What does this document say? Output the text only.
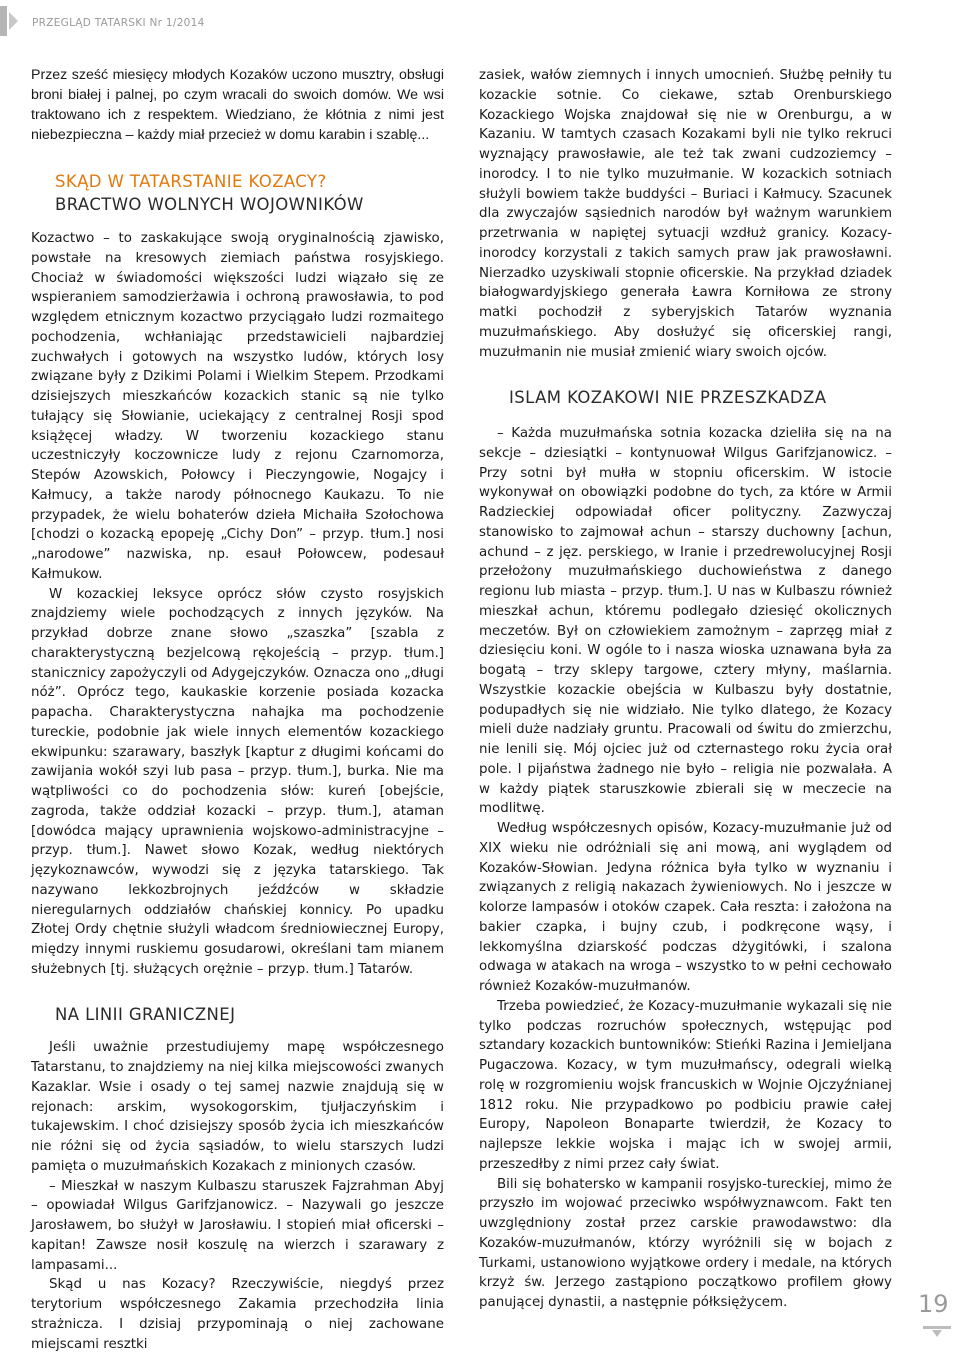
PRZEGLĄD TATARSKI Nr 1/2014

Przez sześć miesięcy młodych Kozaków uczono musztry, obsługi broni białej i palnej, po czym wracali do swoich domów. We wsi traktowano ich z respektem. Wiedziano, że kłótnia z nimi jest niebezpieczna – każdy miał przecież w domu karabin i szablę...

SKĄD W TATARSTANIE KOZACY?
BRACTWO WOLNYCH WOJOWNIKÓW

Kozactwo – to zaskakujące swoją oryginalnością zjawisko, powstałe na kresowych ziemiach państwa rosyjskiego. Chociaż w świadomości większości ludzi wiązało się ze wspieraniem samodzierżawia i ochroną prawosławia, to pod względem etnicznym kozactwo przyciągało ludzi rozmaitego pochodzenia, wchłaniając przedstawicieli najbardziej zuchwałych i gotowych na wszystko ludów, których losy związane były z Dzikimi Polami i Wielkim Stepem. Przodkami dzisiejszych mieszkańców kozackich stanic są nie tylko tułający się Słowianie, uciekający z centralnej Rosji spod książęcej władzy. W tworzeniu kozackiego stanu uczestniczyły koczownicze ludy z rejonu Czarnomorza, Stepów Azowskich, Połowcy i Pieczyngowie, Nogajcy i Kałmucy, a także narody północnego Kaukazu. To nie przypadek, że wielu bohaterów dzieła Michaiła Szołochowa [chodzi o kozacką epopeję „Cichy Don” – przyp. tłum.] nosi „narodowe” nazwiska, np. esauł Połowcew, podesauł Kałmukow.

W kozackiej leksyce oprócz słów czysto rosyjskich znajdziemy wiele pochodzących z innych języków. Na przykład dobrze znane słowo „szaszka” [szabla z charakterystyczną bezjelcową rękojeścią – przyp. tłum.] stanicznicy zapożyczyli od Adygejczyków. Oznacza ono „długi nóż”. Oprócz tego, kaukaskie korzenie posiada kozacka papacha. Charakterystyczna nahajka ma pochodzenie tureckie, podobnie jak wiele innych elementów kozackiego ekwipunku: szarawary, baszłyk [kaptur z długimi końcami do zawijania wokół szyi lub pasa – przyp. tłum.], burka. Nie ma wątpliwości co do pochodzenia słów: kureń [obejście, zagroda, także oddział kozacki – przyp. tłum.], ataman [dowódca mający uprawnienia wojskowo-administracyjne – przyp. tłum.]. Nawet słowo Kozak, według niektórych językoznawców, wywodzi się z języka tatarskiego. Tak nazywano lekkozbrojnych jeźdźców w składzie nieregularnych oddziałów chańskiej konnicy. Po upadku Złotej Ordy chętnie służyli władcom średniowiecznej Europy, między innymi ruskiemu gosudarowi, określani tam mianem służebnych [tj. służących orężnie – przyp. tłum.] Tatarów.

NA LINII GRANICZNEJ

Jeśli uważnie przestudiujemy mapę współczesnego Tatarstanu, to znajdziemy na niej kilka miejscowości zwanych Kazaklar. Wsie i osady o tej samej nazwie znajdują się w rejonach: arskim, wysokogorskim, tjułjaczyńskim i tukajewskim. I choć dzisiejszy sposób życia ich mieszkańców nie różni się od życia sąsiadów, to wielu starszych ludzi pamięta o muzułmańskich Kozakach z minionych czasów.

– Mieszkał w naszym Kulbaszu staruszek Fajzrahman Abyj – opowiadał Wilgus Garifzjanowicz. – Nazywali go jeszcze Jarosławem, bo służył w Jarosławiu. I stopień miał oficerski – kapitan! Zawsze nosił koszulę na wierzch i szarawary z lampasami...

Skąd u nas Kozacy? Rzeczywiście, niegdyś przez terytorium współczesnego Zakamia przechodziła linia strażnicza. I dzisiaj przypominają o niej zachowane miejscami resztki

zasiek, wałów ziemnych i innych umocnień. Służbę pełniły tu kozackie sotnie. Co ciekawe, sztab Orenburskiego Kozackiego Wojska znajdował się nie w Orenburgu, a w Kazaniu. W tamtych czasach Kozakami byli nie tylko rekruci wyznający prawosławie, ale też tak zwani cudzoziemcy – inorodcy. I to nie tylko muzułmanie. W kozackich sotniach służyli bowiem także buddyści – Buriaci i Kałmucy. Szacunek dla zwyczajów sąsiednich narodów był ważnym warunkiem przetrwania w napiętej sytuacji wzdłuż granicy. Kozacy-inorodcy korzystali z takich samych praw jak prawosławni. Nierzadko uzyskiwali stopnie oficerskie. Na przykład dziadek białogwardyjskiego generała Ławra Korniłowa ze strony matki pochodził z syberyjskich Tatarów wyznania muzułmańskiego. Aby dosłużyć się oficerskiej rangi, muzułmanin nie musiał zmienić wiary swoich ojców.

ISLAM KOZAKOWI NIE PRZESZKADZA

– Każda muzułmańska sotnia kozacka dzieliła się na na sekcje – dziesiątki – kontynuował Wilgus Garifzjanowicz. – Przy sotni był mułła w stopniu oficerskim. W istocie wykonywał on obowiązki podobne do tych, za które w Armii Radzieckiej odpowiadał oficer polityczny. Zazwyczaj stanowisko to zajmował achun – starszy duchowny [achun, achund – z jęz. perskiego, w Iranie i przedrewolucyjnej Rosji przełożony muzułmańskiego duchowieństwa z danego regionu lub miasta – przyp. tłum.]. U nas w Kulbaszu również mieszkał achun, któremu podlegało dziesięć okolicznych meczetów. Był on człowiekiem zamożnym – zaprzęg miał z dziesięciu koni. W ogóle to i nasza wioska uznawana była za bogatą – trzy sklepy targowe, cztery młyny, maślarnia. Wszystkie kozackie obejścia w Kulbaszu były dostatnie, podupadłych się nie widziało. Nie tylko dlatego, że Kozacy mieli duże nadziały gruntu. Pracowali od świtu do zmierzchu, nie lenili się. Mój ojciec już od czternastego roku życia orał pole. I pijaństwa żadnego nie było – religia nie pozwalała. A w każdy piątek staruszkowie zbierali się w meczecie na modlitwę.

Według współczesnych opisów, Kozacy-muzułmanie już od XIX wieku nie odróżniali się ani mową, ani wyglądem od Kozaków-Słowian. Jedyna różnica była tylko w wyznaniu i związanych z religią nakazach żywieniowych. No i jeszcze w kolorze lampasów i otoków czapek. Cała reszta: i założona na bakier czapka, i bujny czub, i podkręcone wąsy, i lekkomyślna dziarskość podczas dżygitówki, i szalona odwaga w atakach na wroga – wszystko to w pełni cechowało również Kozaków-muzułmanów.

Trzeba powiedzieć, że Kozacy-muzułmanie wykazali się nie tylko podczas rozruchów społecznych, wstępując pod sztandary kozackich buntowników: Stieńki Razina i Jemieljana Pugaczowa. Kozacy, w tym muzułmańscy, odegrali wielką rolę w rozgromieniu wojsk francuskich w Wojnie Ojczyźnianej 1812 roku. Nie przypadkowo po podbiciu prawie całej Europy, Napoleon Bonaparte twierdził, że Kozacy to najlepsze lekkie wojska i mając ich w swojej armii, przeszedłby z nimi przez cały świat.

Bili się bohatersko w kampanii rosyjsko-tureckiej, mimo że przyszło im wojować przeciwko współwyznawcom. Fakt ten uwzględniony został przez carskie prawodawstwo: dla Kozaków-muzułmanów, którzy wyróżnili się w bojach z Turkami, ustanowiono wyjątkowe ordery i medale, na których krzyż św. Jerzego zastąpiono początkowo profilem głowy panującej dynastii, a następnie półksiężycem.	19
